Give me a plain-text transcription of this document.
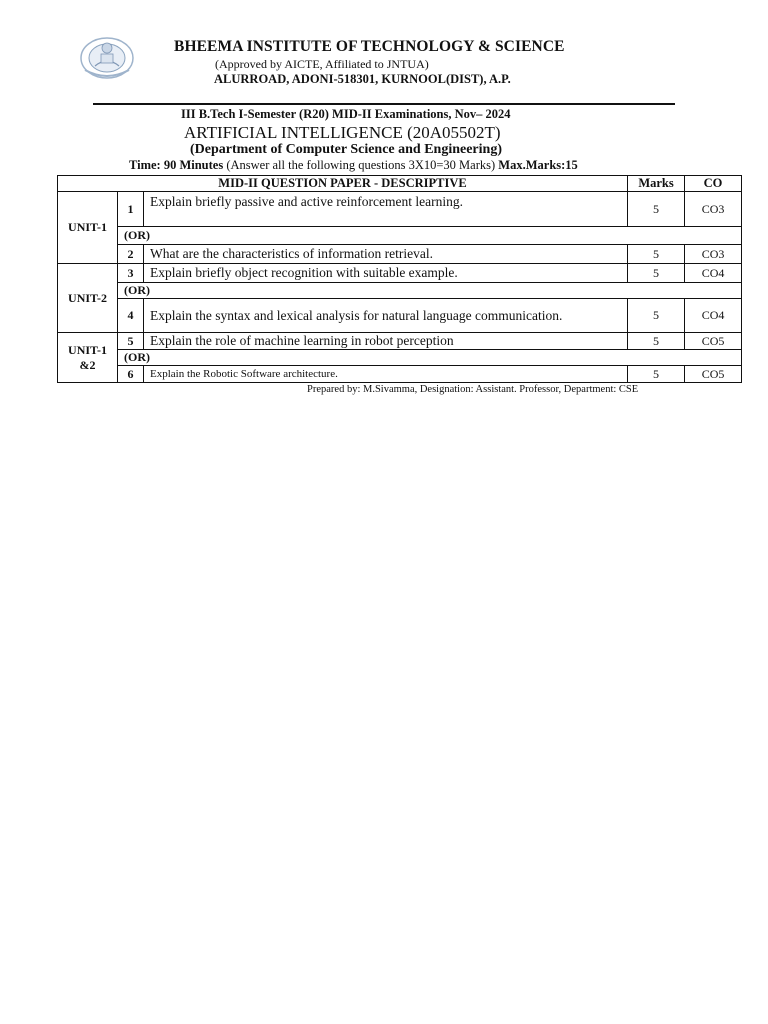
BHEEMA INSTITUTE OF TECHNOLOGY & SCIENCE
(Approved by AICTE, Affiliated to JNTUA)
ALURROAD, ADONI-518301, KURNOOL(DIST), A.P.
III B.Tech I-Semester (R20) MID-II Examinations, Nov– 2024
ARTIFICIAL INTELLIGENCE (20A05502T)
(Department of Computer Science and Engineering)
Time: 90 Minutes (Answer all the following questions 3X10=30 Marks) Max.Marks:15
MID-II QUESTION PAPER - DESCRIPTIVE			Marks	CO
UNIT-1	1	Explain briefly passive and active reinforcement learning.	5	CO3
	(OR)			
	2	What are the characteristics of information retrieval.	5	CO3
UNIT-2	3	Explain briefly object recognition with suitable example.	5	CO4
	(OR)			
	4	Explain the syntax and lexical analysis for natural language communication.	5	CO4
UNIT-1&2	5	Explain the role of machine learning in robot perception	5	CO5
	(OR)			
	6	Explain the Robotic Software architecture.	5	CO5
Prepared by: M.Sivamma, Designation: Assistant. Professor, Department: CSE
